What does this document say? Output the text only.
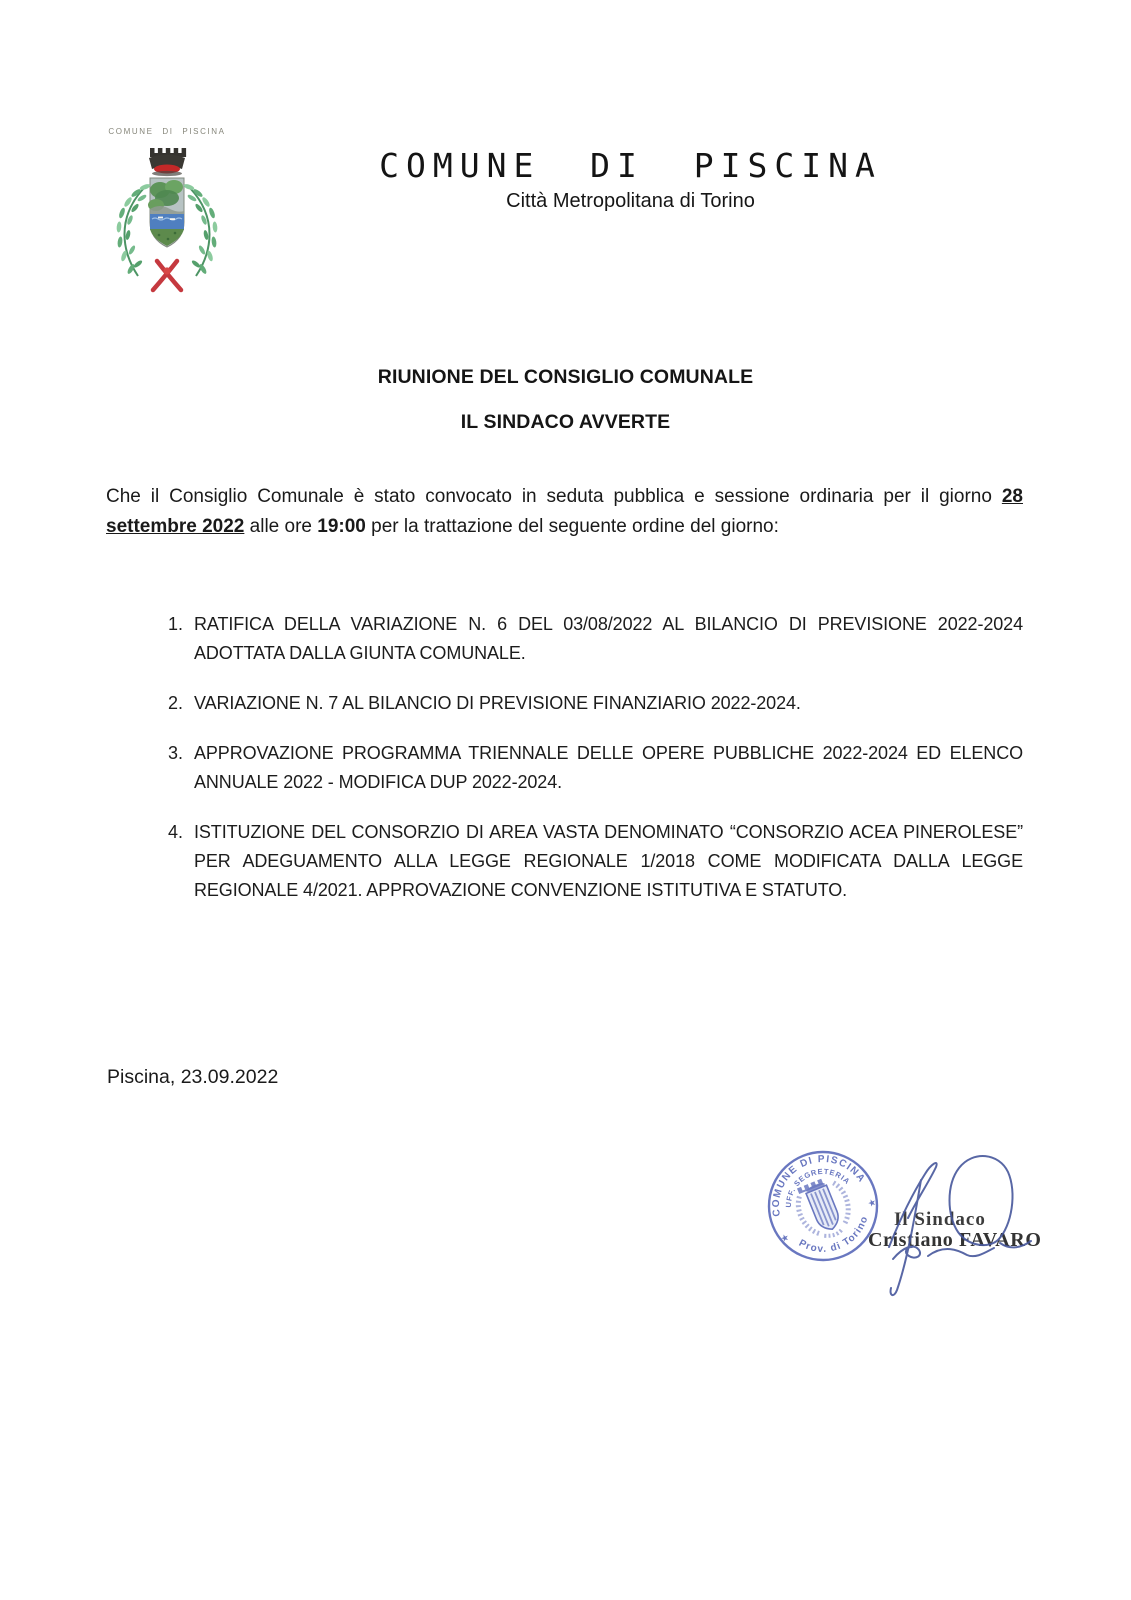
COMUNE DI PISCINA
COMUNE DI PISCINA
Città Metropolitana di Torino
RIUNIONE DEL CONSIGLIO COMUNALE
IL SINDACO AVVERTE

Che il Consiglio Comunale è stato convocato in seduta pubblica e sessione ordinaria per il giorno 28 settembre 2022 alle ore 19:00 per la trattazione del seguente ordine del giorno:

1. RATIFICA DELLA VARIAZIONE N. 6 DEL 03/08/2022 AL BILANCIO DI PREVISIONE 2022-2024 ADOTTATA DALLA GIUNTA COMUNALE.
2. VARIAZIONE N. 7 AL BILANCIO DI PREVISIONE FINANZIARIO 2022-2024.
3. APPROVAZIONE PROGRAMMA TRIENNALE DELLE OPERE PUBBLICHE 2022-2024 ED ELENCO ANNUALE 2022 - MODIFICA DUP 2022-2024.
4. ISTITUZIONE DEL CONSORZIO DI AREA VASTA DENOMINATO “CONSORZIO ACEA PINEROLESE” PER ADEGUAMENTO ALLA LEGGE REGIONALE 1/2018 COME MODIFICATA DALLA LEGGE REGIONALE 4/2021. APPROVAZIONE CONVENZIONE ISTITUTIVA E STATUTO.
Piscina, 23.09.2022
COMUNE DI PISCINA
Prov. di Torino
UFF. SEGRETERIA
★
★
Il Sindaco
Cristiano FAVARO
